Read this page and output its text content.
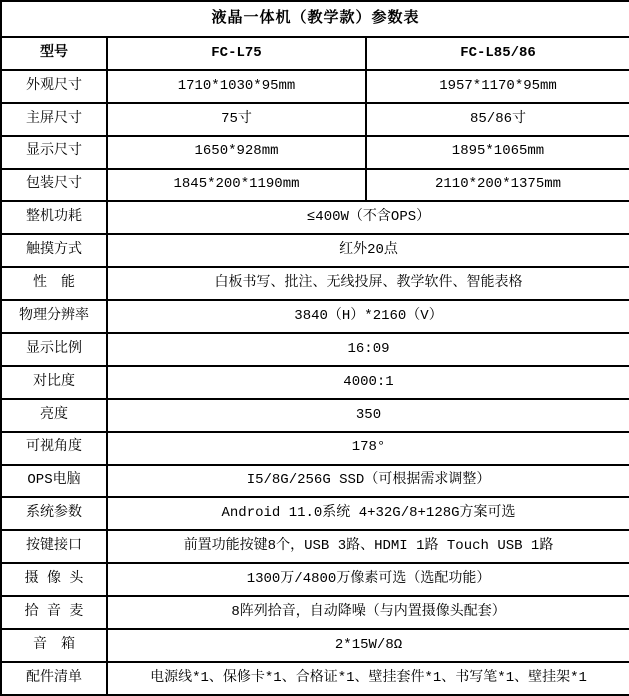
液晶一体机（教学款）参数表		
型号	FC-L75	FC-L85/86
外观尺寸	1710*1030*95mm	1957*1170*95mm
主屏尺寸	75寸	85/86寸
显示尺寸	1650*928mm	1895*1065mm
包装尺寸	1845*200*1190mm	2110*200*1375mm
整机功耗	≤400W（不含OPS）	
触摸方式	红外20点	
性　能	白板书写、批注、无线投屏、教学软件、智能表格	
物理分辨率	3840（H）*2160（V）	
显示比例	16:09	
对比度	4000:1	
亮度	350	
可视角度	178°	
OPS电脑	I5/8G/256G SSD（可根据需求调整）	
系统参数	Android 11.0系统 4+32G/8+128G方案可选	
按键接口	前置功能按键8个，USB 3路、HDMI 1路 Touch USB 1路	
摄 像 头	1300万/4800万像素可选（选配功能）	
拾 音 麦	8阵列拾音，自动降噪（与内置摄像头配套）	
音　箱	2*15W/8Ω	
配件清单	电源线*1、保修卡*1、合格证*1、壁挂套件*1、书写笔*1、壁挂架*1	
